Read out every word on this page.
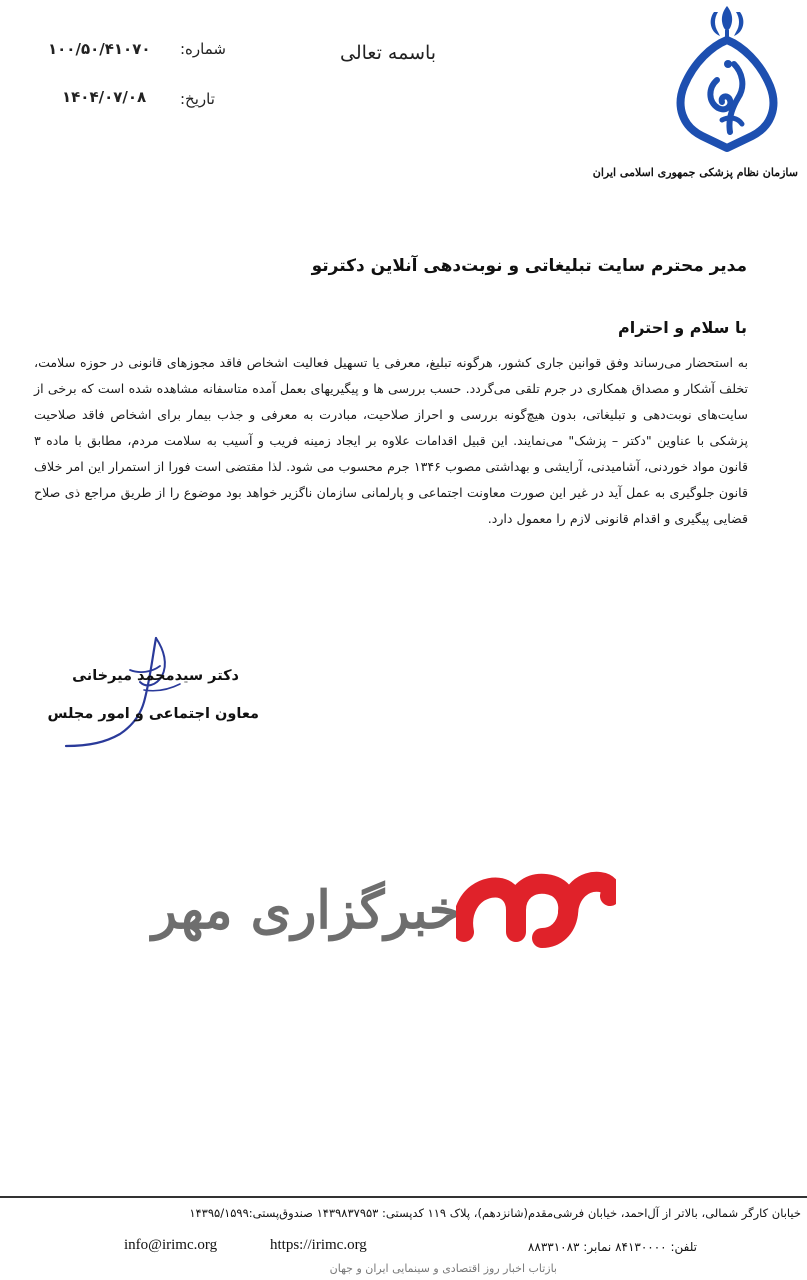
شماره:
۱۰۰/۵۰/۴۱۰۷۰
تاریخ:
۱۴۰۴/۰۷/۰۸
باسمه تعالی
سازمان نظام پزشکی جمهوری اسلامی ایران
مدیر محترم سایت تبلیغاتی و نوبت‌دهی آنلاین دکترتو
با سلام و احترام
به استحضار می‌رساند وفق قوانین جاری کشور، هرگونه تبلیغ، معرفی یا تسهیل فعالیت اشخاص فاقد مجوزهای قانونی در حوزه سلامت، تخلف آشکار و مصداق همکاری در جرم تلقی می‌گردد. حسب بررسی ها و پیگیریهای بعمل آمده متاسفانه مشاهده شده است که برخی از سایت‌های نوبت‌دهی و تبلیغاتی، بدون هیچ‌گونه بررسی و احراز صلاحیت، مبادرت به معرفی و جذب بیمار برای اشخاص فاقد صلاحیت پزشکی با عناوین "دکتر – پزشک" می‌نمایند. این قبیل اقدامات علاوه بر ایجاد زمینه فریب و آسیب به سلامت مردم، مطابق با ماده ۳ قانون مواد خوردنی، آشامیدنی، آرایشی و بهداشتی مصوب ۱۳۴۶ جرم محسوب می شود. لذا مقتضی است فورا از استمرار این امر خلاف قانون جلوگیری به عمل آید در غیر این صورت معاونت اجتماعی و پارلمانی سازمان ناگزیر خواهد بود موضوع را از طریق مراجع ذی صلاح قضایی پیگیری و اقدام قانونی لازم را معمول دارد.
دکتر سیدمحمد میرخانی
معاون اجتماعی و امور مجلس
خبرگزاری مهر
خیابان کارگر شمالی، بالاتر از آل‌احمد، خیابان فرشی‌مقدم(شانزدهم)، پلاک ۱۱۹ کدپستی: ۱۴۳۹۸۳۷۹۵۳ صندوق‌پستی:۱۴۳۹۵/۱۵۹۹
تلفن: ۸۴۱۳۰۰۰۰ نمابر: ۸۸۳۳۱۰۸۳
https://irimc.org
info@irimc.org
بازتاب اخبار روز اقتصادی و سینمایی ایران و جهان
